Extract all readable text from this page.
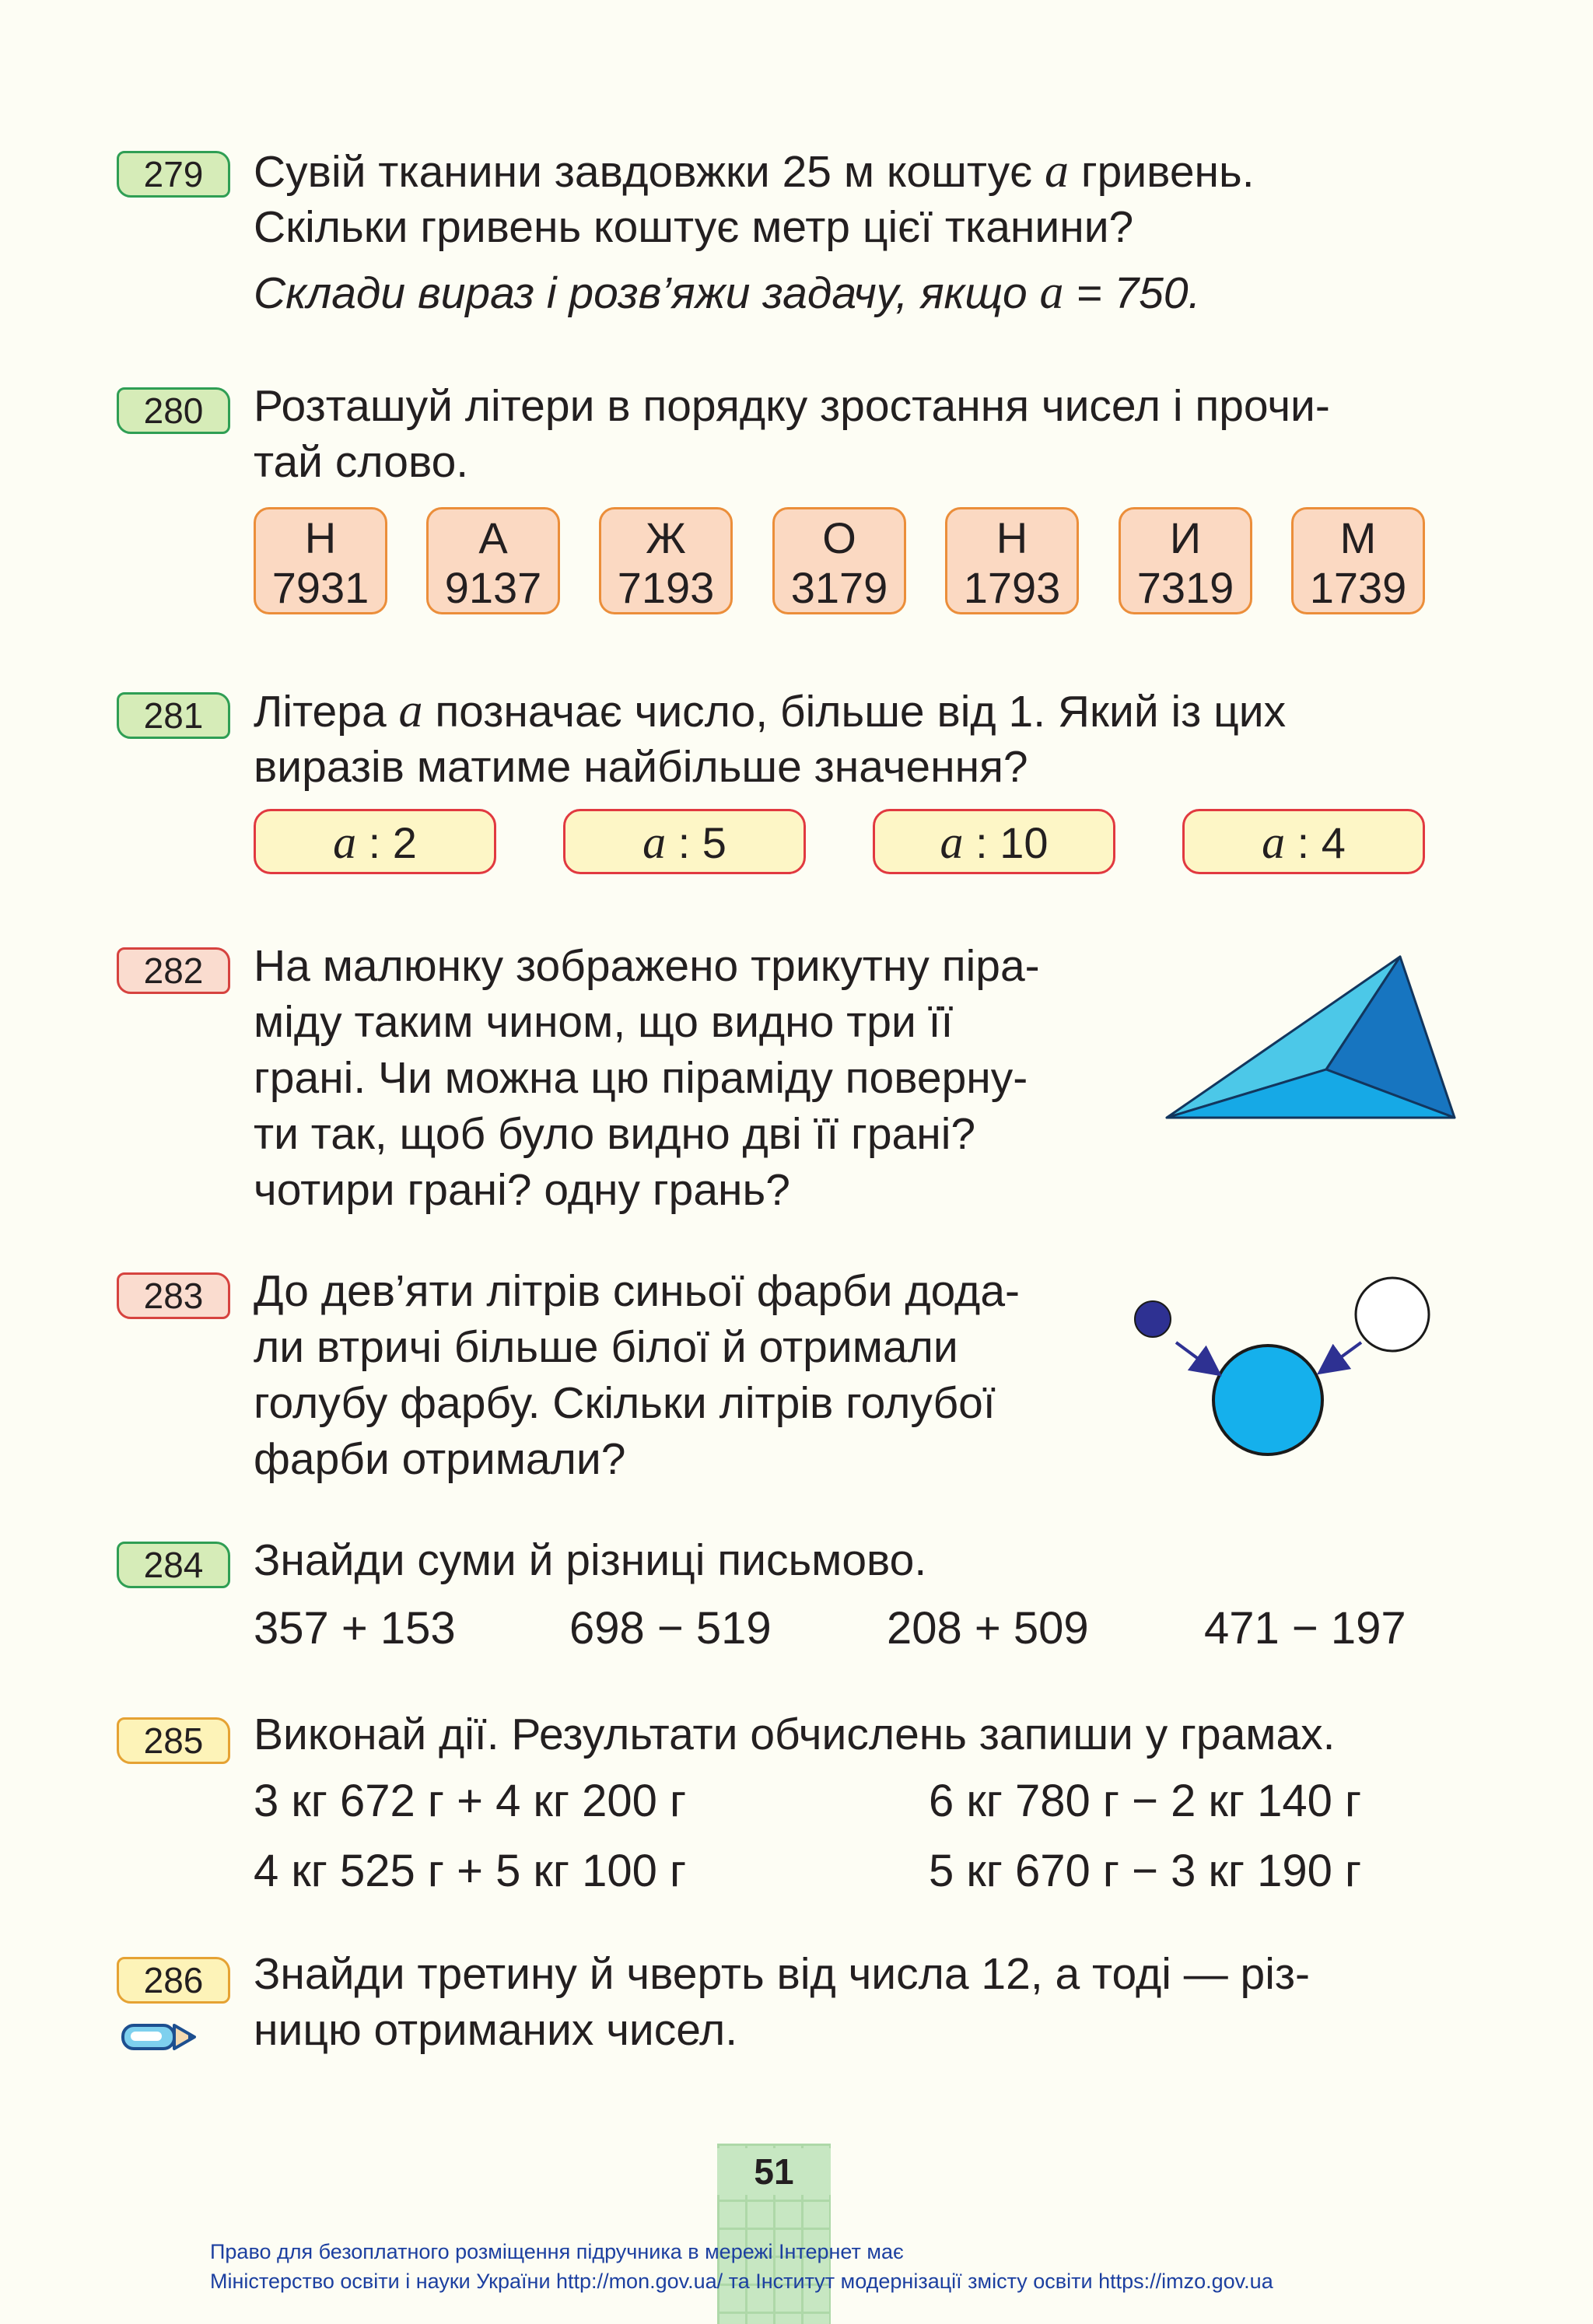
279	Сувій тканини завдовжки 25 м коштує а гривень.
Скільки гривень коштує метр цієї тканини?
Склади вираз і розв’яжи задачу, якщо а = 750.
280	Розташуй літери в порядку зростання чисел і прочи-
тай слово.
Н
7931
А
9137
Ж
7193
О
3179
Н
1793
И
7319
М
1739
281	Літера а позначає число, більше від 1. Який із цих
виразів матиме найбільше значення?
а : 2	а : 5	а : 10	а : 4
282	На малюнку зображено трикутну піра-
міду таким чином, що видно три її
грані. Чи можна цю піраміду поверну-
ти так, щоб було видно дві її грані?
чотири грані? одну грань?
283	До дев’яти літрів синьої фарби дода-
ли втричі більше білої й отримали
голубу фарбу. Скільки літрів голубої
фарби отримали?
284	Знайди суми й різниці письмово.
357 + 153	698 − 519	208 + 509	471 − 197
285	Виконай дії. Результати обчислень запиши у грамах.
3 кг 672 г + 4 кг 200 г	6 кг 780 г − 2 кг 140 г
4 кг 525 г + 5 кг 100 г	5 кг 670 г − 3 кг 190 г
286	Знайди третину й чверть від числа 12, а тоді — різ-
ницю отриманих чисел.
51
Право для безоплатного розміщення підручника в мережі Інтернет має
Міністерство освіти і науки України http://mon.gov.ua/ та Інститут модернізації змісту освіти https://imzo.gov.ua
